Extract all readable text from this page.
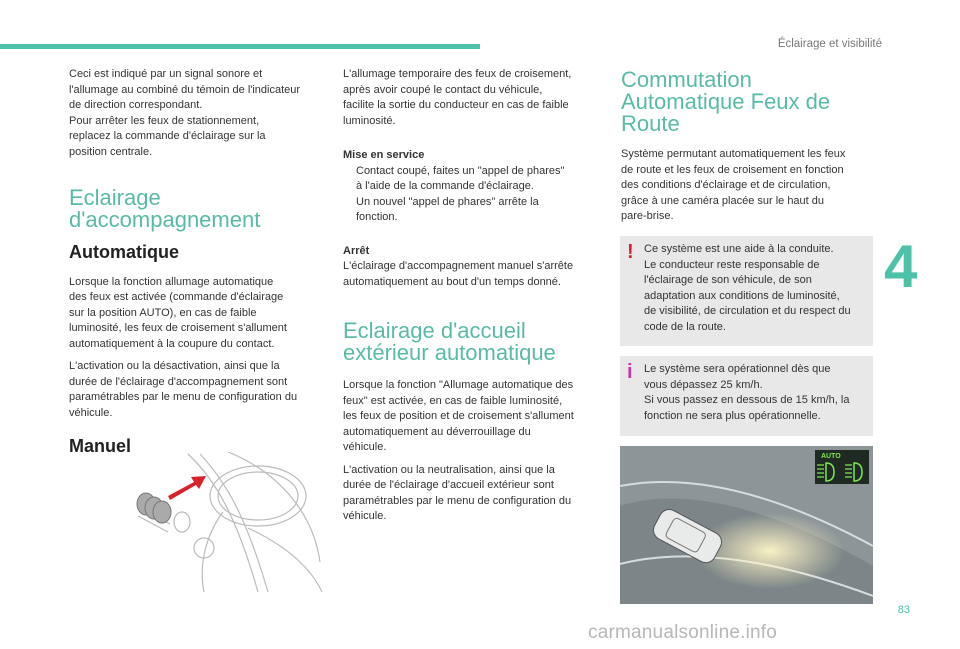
Éclairage et visibilité
4

Ceci est indiqué par un signal sonore et
l'allumage au combiné du témoin de l'indicateur
de direction correspondant.
Pour arrêter les feux de stationnement,
replacez la commande d'éclairage sur la
position centrale.

Eclairage
d'accompagnement
Automatique

Lorsque la fonction allumage automatique
des feux est activée (commande d'éclairage
sur la position AUTO), en cas de faible
luminosité, les feux de croisement s'allument
automatiquement à la coupure du contact.

L'activation ou la désactivation, ainsi que la
durée de l'éclairage d'accompagnement sont
paramétrables par le menu de configuration du
véhicule.

Manuel

L'allumage temporaire des feux de croisement,
après avoir coupé le contact du véhicule,
facilite la sortie du conducteur en cas de faible
luminosité.

Mise en service

Contact coupé, faites un "appel de phares"
à l'aide de la commande d'éclairage.
Un nouvel "appel de phares" arrête la
fonction.

Arrêt

L'éclairage d'accompagnement manuel s'arrête
automatiquement au bout d'un temps donné.

Eclairage d'accueil
extérieur automatique

Lorsque la fonction "Allumage automatique des
feux" est activée, en cas de faible luminosité,
les feux de position et de croisement s'allument
automatiquement au déverrouillage du
véhicule.

L'activation ou la neutralisation, ainsi que la
durée de l'éclairage d'accueil extérieur sont
paramétrables par le menu de configuration du
véhicule.

Commutation
Automatique Feux de
Route

Système permutant automatiquement les feux
de route et les feux de croisement en fonction
des conditions d'éclairage et de circulation,
grâce à une caméra placée sur le haut du
pare-brise.

! Ce système est une aide à la conduite.
Le conducteur reste responsable de
l'éclairage de son véhicule, de son
adaptation aux conditions de luminosité,
de visibilité, de circulation et du respect du
code de la route.

i Le système sera opérationnel dès que
vous dépassez 25 km/h.
Si vous passez en dessous de 15 km/h, la
fonction ne sera plus opérationnelle.

AUTO
83
carmanualsonline.info
